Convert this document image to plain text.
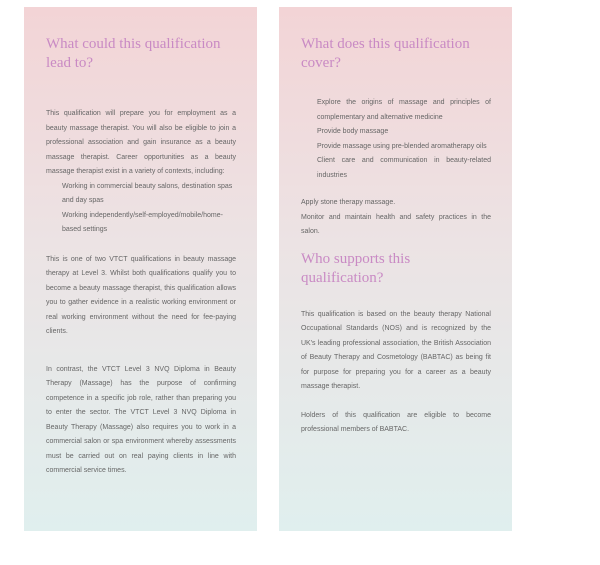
What could this qualification lead to?

This qualification will prepare you for employment as a beauty massage therapist. You will also be eligible to join a professional association and gain insurance as a beauty massage therapist. Career opportunities as a beauty massage therapist exist in a variety of contexts, including:

Working in commercial beauty salons, destination spas and day spas
Working independently/self-employed/mobile/home-based settings

This is one of two VTCT qualifications in beauty massage therapy at Level 3. Whilst both qualifications qualify you to become a beauty massage therapist, this qualification allows you to gather evidence in a realistic working environment or real working environment without the need for fee-paying clients.

In contrast, the VTCT Level 3 NVQ Diploma in Beauty Therapy (Massage) has the purpose of confirming competence in a specific job role, rather than preparing you to enter the sector. The VTCT Level 3 NVQ Diploma in Beauty Therapy (Massage) also requires you to work in a commercial salon or spa environment whereby assessments must be carried out on real paying clients in line with commercial service times.

What does this qualification cover?
Explore the origins of massage and principles of complementary and alternative medicine
Provide body massage
Provide massage using pre-blended aromatherapy oils
Client care and communication in beauty-related industries

Apply stone therapy massage.

Monitor and maintain health and safety practices in the salon.

Who supports this qualification?

This qualification is based on the beauty therapy National Occupational Standards (NOS) and is recognized by the UK's leading professional association, the British Association of Beauty Therapy and Cosmetology (BABTAC) as being fit for purpose for preparing you for a career as a beauty massage therapist.

Holders of this qualification are eligible to become professional members of BABTAC.
